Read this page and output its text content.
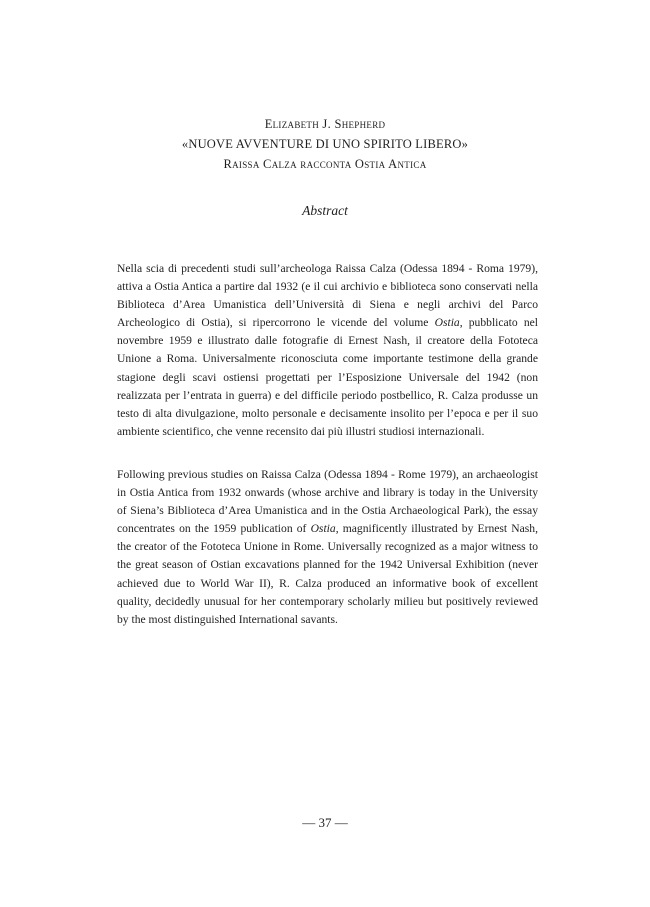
Elizabeth J. Shepherd
«NUOVE AVVENTURE DI UNO SPIRITO LIBERO»
Raissa Calza racconta Ostia Antica
Abstract

Nella scia di precedenti studi sull’archeologa Raissa Calza (Odessa 1894 - Roma 1979), attiva a Ostia Antica a partire dal 1932 (e il cui archivio e biblioteca sono conservati nella Biblioteca d’Area Umanistica dell’Università di Siena e negli archivi del Parco Archeologico di Ostia), si ripercorrono le vicende del volume Ostia, pubblicato nel novembre 1959 e illustrato dalle fotografie di Ernest Nash, il creatore della Fototeca Unione a Roma. Universalmente riconosciuta come importante testimone della grande stagione degli scavi ostiensi progettati per l’Esposizione Universale del 1942 (non realizzata per l’entrata in guerra) e del difficile periodo postbellico, R. Calza produsse un testo di alta divulgazione, molto personale e decisamente insolito per l’epoca e per il suo ambiente scientifico, che venne recensito dai più illustri studiosi internazionali.

Following previous studies on Raissa Calza (Odessa 1894 - Rome 1979), an archaeologist in Ostia Antica from 1932 onwards (whose archive and library is today in the University of Siena’s Biblioteca d’Area Umanistica and in the Ostia Archaeological Park), the essay concentrates on the 1959 publication of Ostia, magnificently illustrated by Ernest Nash, the creator of the Fototeca Unione in Rome. Universally recognized as a major witness to the great season of Ostian excavations planned for the 1942 Universal Exhibition (never achieved due to World War II), R. Calza produced an informative book of excellent quality, decidedly unusual for her contemporary scholarly milieu but positively reviewed by the most distinguished International savants.

— 37 —
